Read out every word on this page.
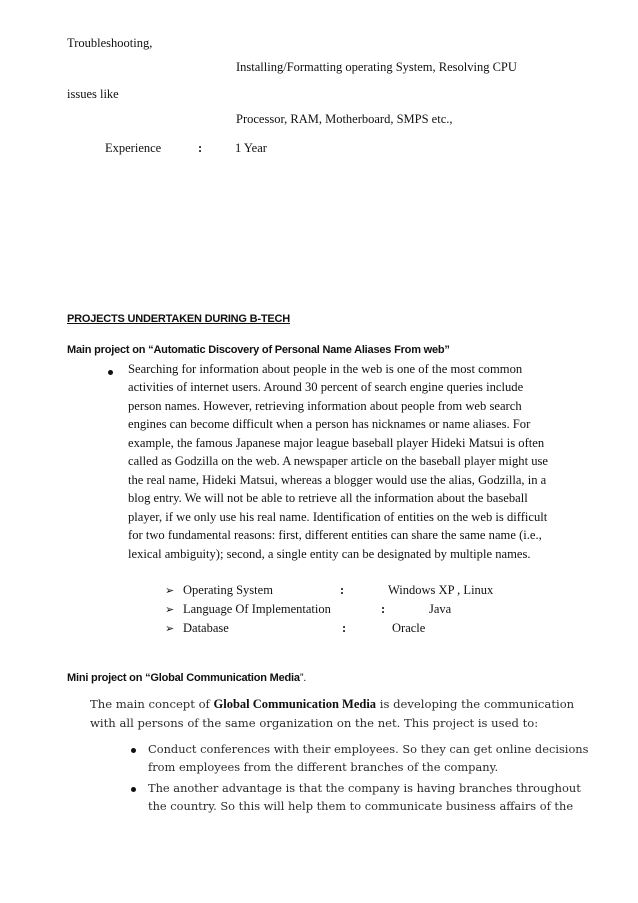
Troubleshooting,
Installing/Formatting operating System, Resolving CPU
issues like
Processor, RAM, Motherboard, SMPS etc.,
Experience	:	1 Year
PROJECTS UNDERTAKEN DURING B-TECH
Main project on “Automatic Discovery of Personal Name Aliases From web”
Searching for information about people in the web is one of the most common
activities of internet users. Around 30 percent of search engine queries include
person names. However, retrieving information about people from web search
engines can become difficult when a person has nicknames or name aliases. For
example, the famous Japanese major league baseball player Hideki Matsui is often
called as Godzilla on the web. A newspaper article on the baseball player might use
the real name, Hideki Matsui, whereas a blogger would use the alias, Godzilla, in a
blog entry. We will not be able to retrieve all the information about the baseball
player, if we only use his real name. Identification of entities on the web is difficult
for two fundamental reasons: first, different entities can share the same name (i.e.,
lexical ambiguity); second, a single entity can be designated by multiple names.
➢ Operating System	:	Windows XP , Linux
➢ Language Of Implementation	:	Java
➢ Database	:	Oracle
Mini project on “Global Communication Media”.
The main concept of Global Communication Media is developing the communication
with all persons of the same organization on the net. This project is used to:
Conduct conferences with their employees. So they can get online decisions
from employees from the different branches of the company.
The another advantage is that the company is having branches throughout
the country. So this will help them to communicate business affairs of the
